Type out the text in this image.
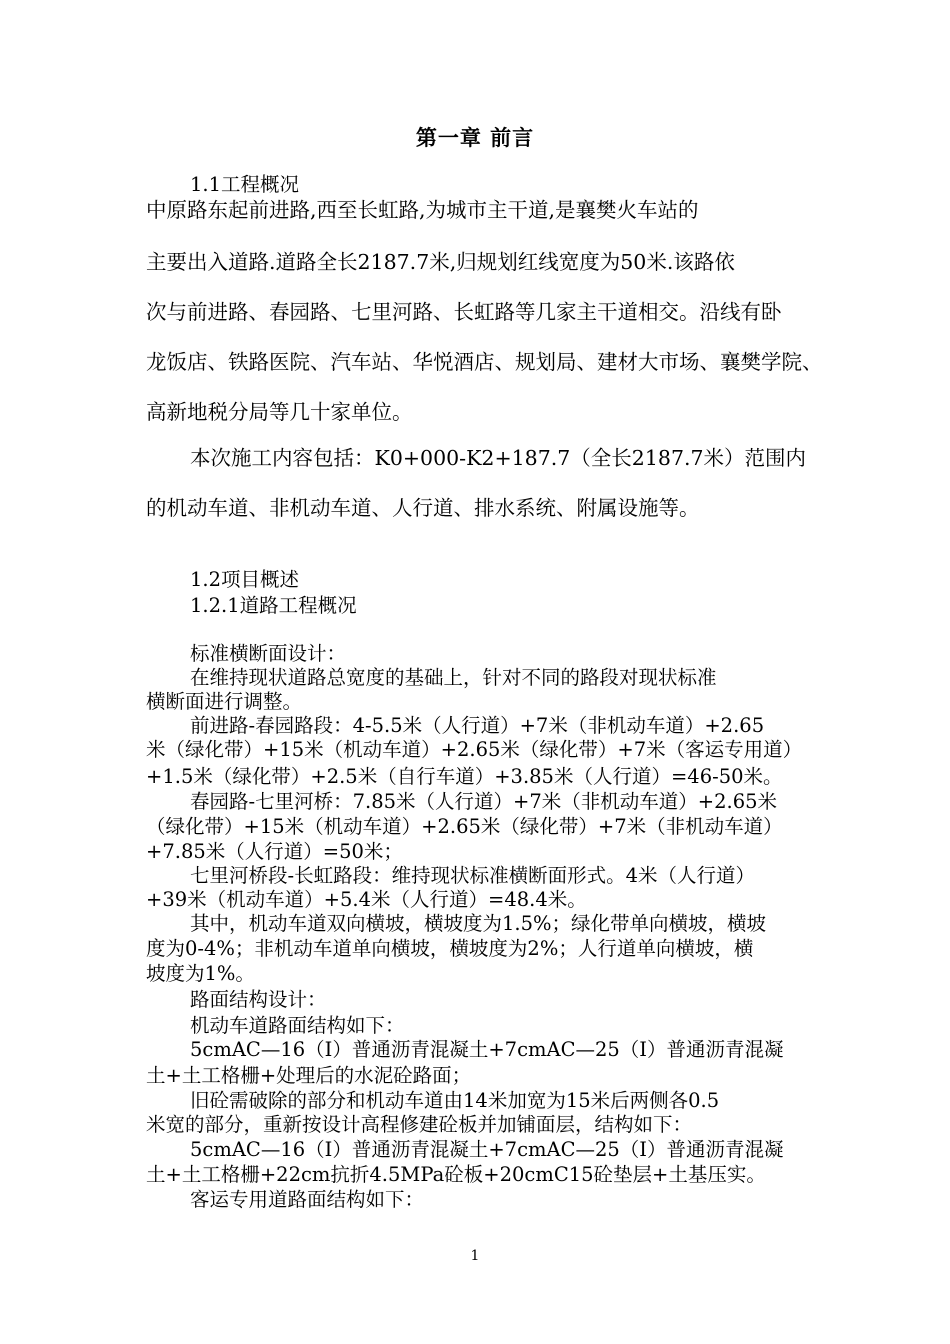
第一章 前言
1.1工程概况
中原路东起前进路,西至长虹路,为城市主干道,是襄樊火车站的
主要出入道路.道路全长2187.7米,归规划红线宽度为50米.该路依
次与前进路、春园路、七里河路、长虹路等几家主干道相交。沿线有卧
龙饭店、铁路医院、汽车站、华悦酒店、规划局、建材大市场、襄樊学院、
高新地税分局等几十家单位。
本次施工内容包括：K0+000-K2+187.7（全长2187.7米）范围内
的机动车道、非机动车道、人行道、排水系统、附属设施等。
1.2项目概述
1.2.1道路工程概况
标准横断面设计：
在维持现状道路总宽度的基础上，针对不同的路段对现状标准
横断面进行调整。
前进路-春园路段：4-5.5米（人行道）+7米（非机动车道）+2.65
米（绿化带）+15米（机动车道）+2.65米（绿化带）+7米（客运专用道）
+1.5米（绿化带）+2.5米（自行车道）+3.85米（人行道）=46-50米。
春园路-七里河桥：7.85米（人行道）+7米（非机动车道）+2.65米
（绿化带）+15米（机动车道）+2.65米（绿化带）+7米（非机动车道）
+7.85米（人行道）=50米；
七里河桥段-长虹路段：维持现状标准横断面形式。4米（人行道）
+39米（机动车道）+5.4米（人行道）=48.4米。
其中，机动车道双向横坡，横坡度为1.5%；绿化带单向横坡，横坡
度为0-4%；非机动车道单向横坡，横坡度为2%；人行道单向横坡，横
坡度为1%。
路面结构设计：
机动车道路面结构如下：
5cmAC—16（Ⅰ）普通沥青混凝土+7cmAC—25（Ⅰ）普通沥青混凝
土+土工格栅+处理后的水泥砼路面；
旧砼需破除的部分和机动车道由14米加宽为15米后两侧各0.5
米宽的部分，重新按设计高程修建砼板并加铺面层，结构如下：
5cmAC—16（Ⅰ）普通沥青混凝土+7cmAC—25（Ⅰ）普通沥青混凝
土+土工格栅+22cm抗折4.5MPa砼板+20cmC15砼垫层+土基压实。
客运专用道路面结构如下：
1
